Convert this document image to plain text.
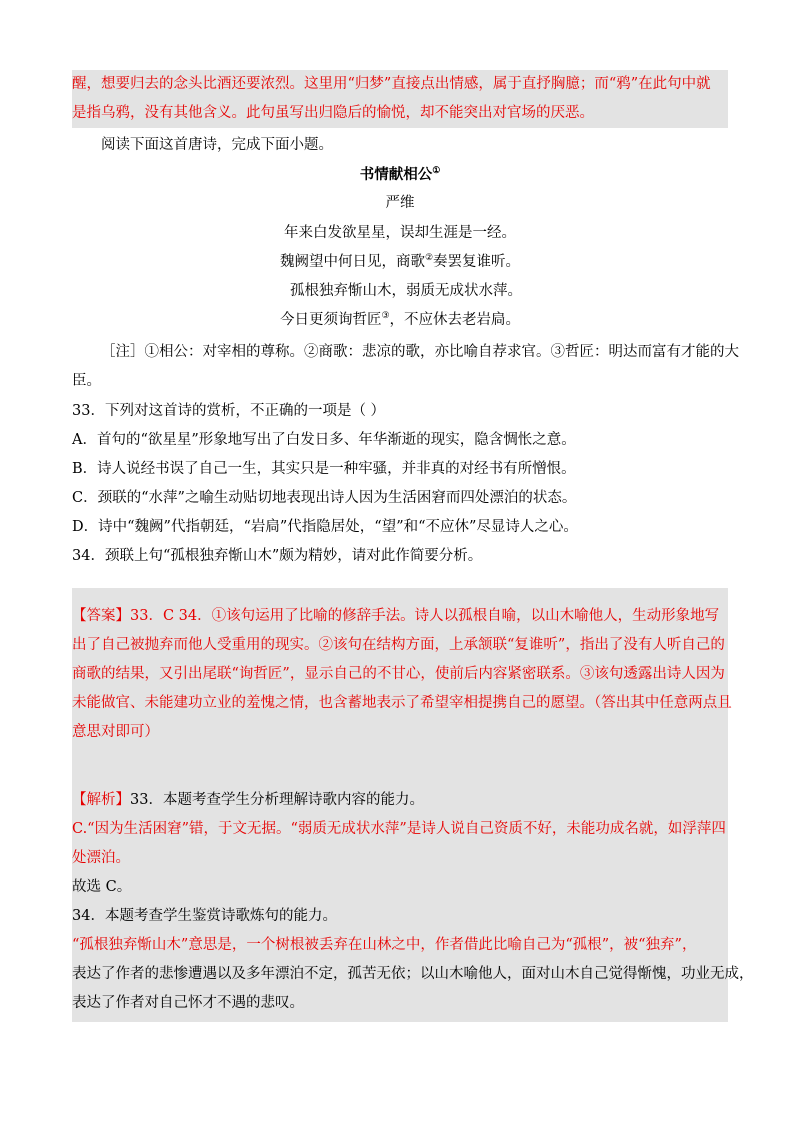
醒，想要归去的念头比酒还要浓烈。这里用“归梦”直接点出情感，属于直抒胸臆；而“鸦”在此句中就
是指乌鸦，没有其他含义。此句虽写出归隐后的愉悦，却不能突出对官场的厌恶。
阅读下面这首唐诗，完成下面小题。
书情献相公①
严维
年来白发欲星星，误却生涯是一经。
魏阙望中何日见，商歌②奏罢复谁听。
孤根独弃惭山木，弱质无成状水萍。
今日更须询哲匠③，不应休去老岩扃。
［注］①相公：对宰相的尊称。②商歌：悲凉的歌，亦比喻自荐求官。③哲匠：明达而富有才能的大
臣。
33．下列对这首诗的赏析，不正确的一项是（ ）
A．首句的“欲星星”形象地写出了白发日多、年华渐逝的现实，隐含惆怅之意。
B．诗人说经书误了自己一生，其实只是一种牢骚，并非真的对经书有所憎恨。
C．颈联的“水萍”之喻生动贴切地表现出诗人因为生活困窘而四处漂泊的状态。
D．诗中“魏阙”代指朝廷，“岩扃”代指隐居处，“望”和“不应休”尽显诗人之心。
34．颈联上句“孤根独弃惭山木”颇为精妙，请对此作简要分析。
【答案】33．C 34．①该句运用了比喻的修辞手法。诗人以孤根自喻，以山木喻他人，生动形象地写
出了自己被抛弃而他人受重用的现实。②该句在结构方面，上承颔联“复谁听”，指出了没有人听自己的
商歌的结果，又引出尾联“询哲匠”，显示自己的不甘心，使前后内容紧密联系。③该句透露出诗人因为
未能做官、未能建功立业的羞愧之情，也含蓄地表示了希望宰相提携自己的愿望。（答出其中任意两点且
意思对即可）
【解析】33．本题考查学生分析理解诗歌内容的能力。
C.“因为生活困窘”错，于文无据。“弱质无成状水萍”是诗人说自己资质不好，未能功成名就，如浮萍四
处漂泊。
故选 C。
34．本题考查学生鉴赏诗歌炼句的能力。
“孤根独弃惭山木”意思是，一个树根被丢弃在山林之中，作者借此比喻自己为“孤根”，被“独弃”，
表达了作者的悲惨遭遇以及多年漂泊不定，孤苦无依；以山木喻他人，面对山木自己觉得惭愧，功业无成，
表达了作者对自己怀才不遇的悲叹。
